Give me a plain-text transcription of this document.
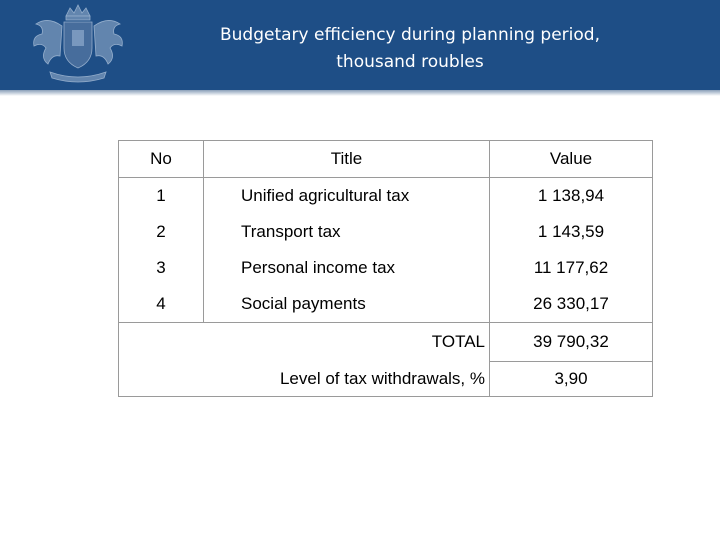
Budgetary efficiency during planning period,
thousand roubles
No	Title	Value
1	Unified agricultural tax	1 138,94
2	Transport tax	1 143,59
3	Personal income tax	11 177,62
4	Social payments	26 330,17
TOTAL		39 790,32
Level of tax withdrawals, %		3,90
